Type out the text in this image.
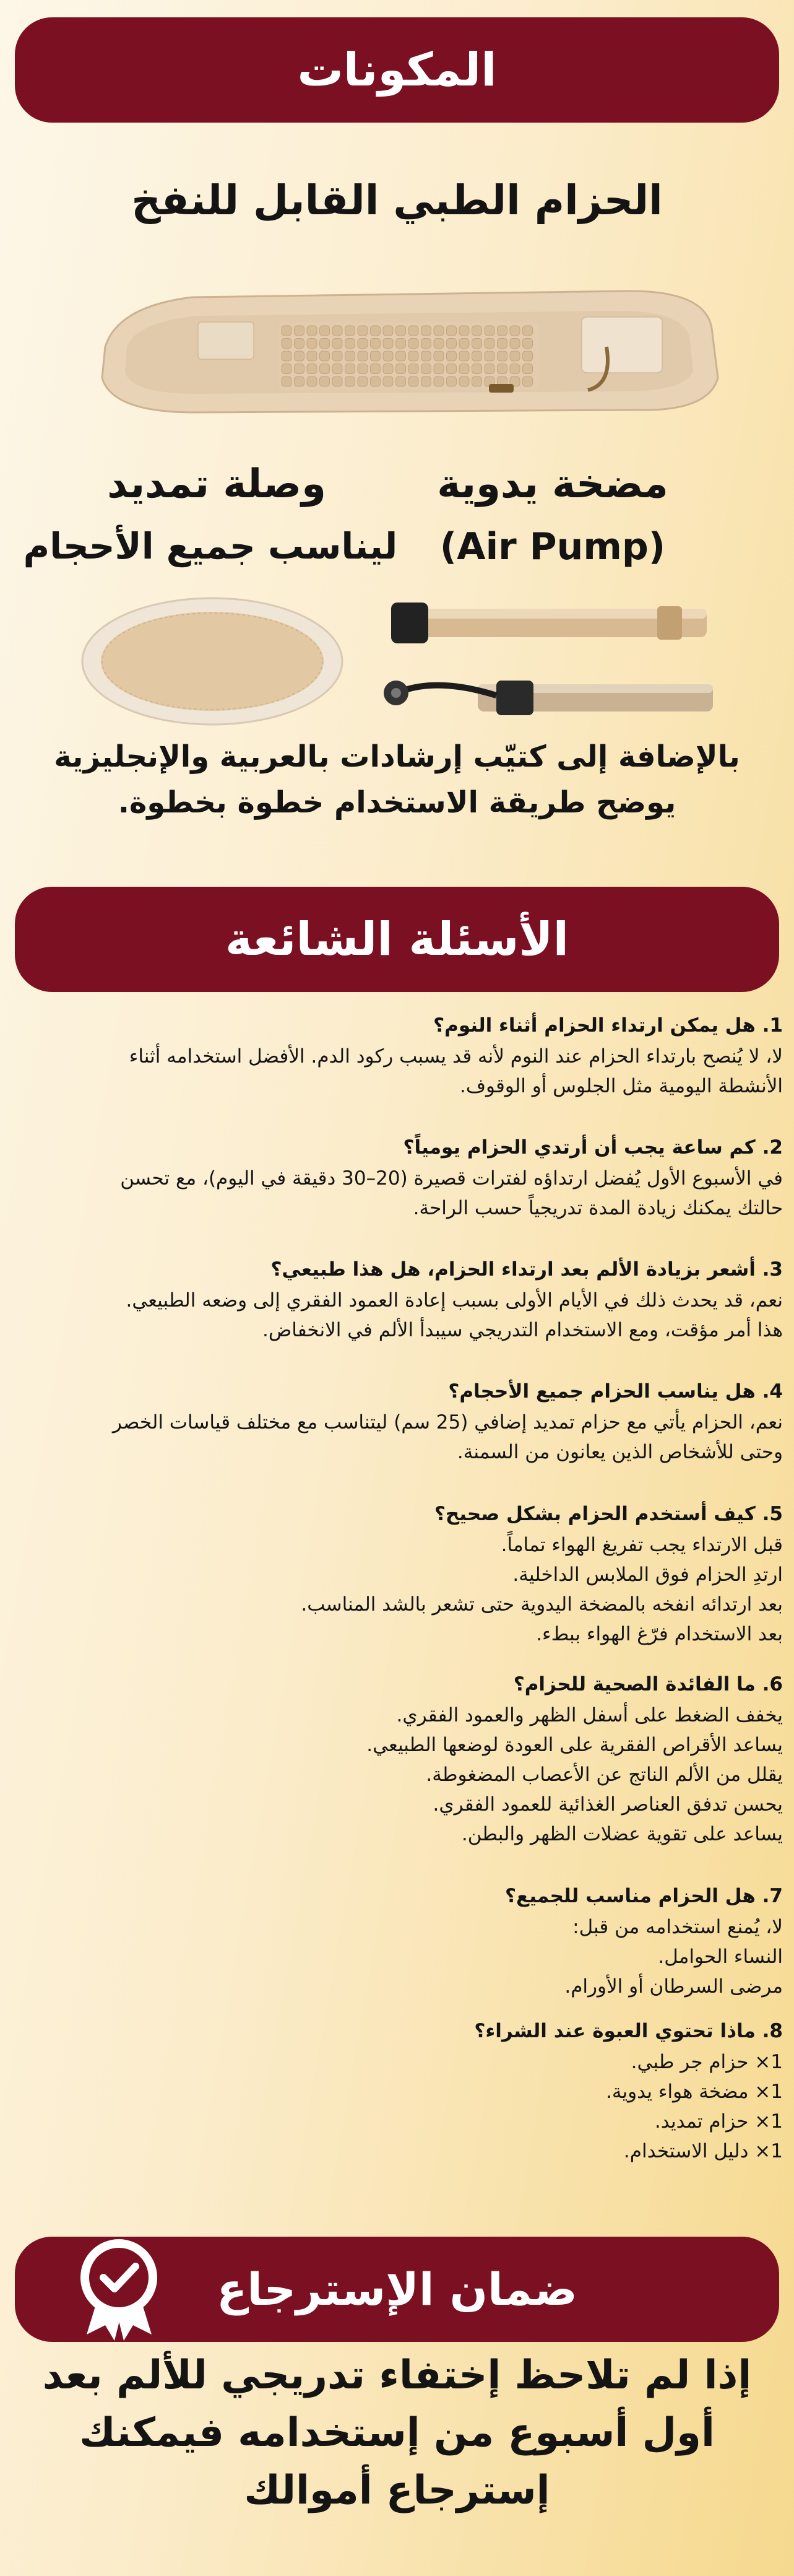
المكونات
الحزام الطبي القابل للنفخ
مضخة يدوية
(Air Pump)
وصلة تمديد
ليناسب جميع الأحجام
بالإضافة إلى كتيّب إرشادات بالعربية والإنجليزية
يوضح طريقة الاستخدام خطوة بخطوة.
الأسئلة الشائعة
1. هل يمكن ارتداء الحزام أثناء النوم؟
لا، لا يُنصح بارتداء الحزام عند النوم لأنه قد يسبب ركود الدم. الأفضل استخدامه أثناء
الأنشطة اليومية مثل الجلوس أو الوقوف.
2. كم ساعة يجب أن أرتدي الحزام يومياً؟
في الأسبوع الأول يُفضل ارتداؤه لفترات قصيرة (20–30 دقيقة في اليوم)، مع تحسن
حالتك يمكنك زيادة المدة تدريجياً حسب الراحة.
3. أشعر بزيادة الألم بعد ارتداء الحزام، هل هذا طبيعي؟
نعم، قد يحدث ذلك في الأيام الأولى بسبب إعادة العمود الفقري إلى وضعه الطبيعي.
هذا أمر مؤقت، ومع الاستخدام التدريجي سيبدأ الألم في الانخفاض.
4. هل يناسب الحزام جميع الأحجام؟
نعم، الحزام يأتي مع حزام تمديد إضافي (25 سم) ليتناسب مع مختلف قياسات الخصر
وحتى للأشخاص الذين يعانون من السمنة.
5. كيف أستخدم الحزام بشكل صحيح؟
قبل الارتداء يجب تفريغ الهواء تماماً.
ارتدِ الحزام فوق الملابس الداخلية.
بعد ارتدائه انفخه بالمضخة اليدوية حتى تشعر بالشد المناسب.
بعد الاستخدام فرّغ الهواء ببطء.
6. ما الفائدة الصحية للحزام؟
يخفف الضغط على أسفل الظهر والعمود الفقري.
يساعد الأقراص الفقرية على العودة لوضعها الطبيعي.
يقلل من الألم الناتج عن الأعصاب المضغوطة.
يحسن تدفق العناصر الغذائية للعمود الفقري.
يساعد على تقوية عضلات الظهر والبطن.
7. هل الحزام مناسب للجميع؟
لا، يُمنع استخدامه من قبل:
النساء الحوامل.
مرضى السرطان أو الأورام.
8. ماذا تحتوي العبوة عند الشراء؟
1× حزام جر طبي.
1× مضخة هواء يدوية.
1× حزام تمديد.
1× دليل الاستخدام.
ضمان الإسترجاع
إذا لم تلاحظ إختفاء تدريجي للألم بعد
أول أسبوع من إستخدامه فيمكنك
إسترجاع أموالك
